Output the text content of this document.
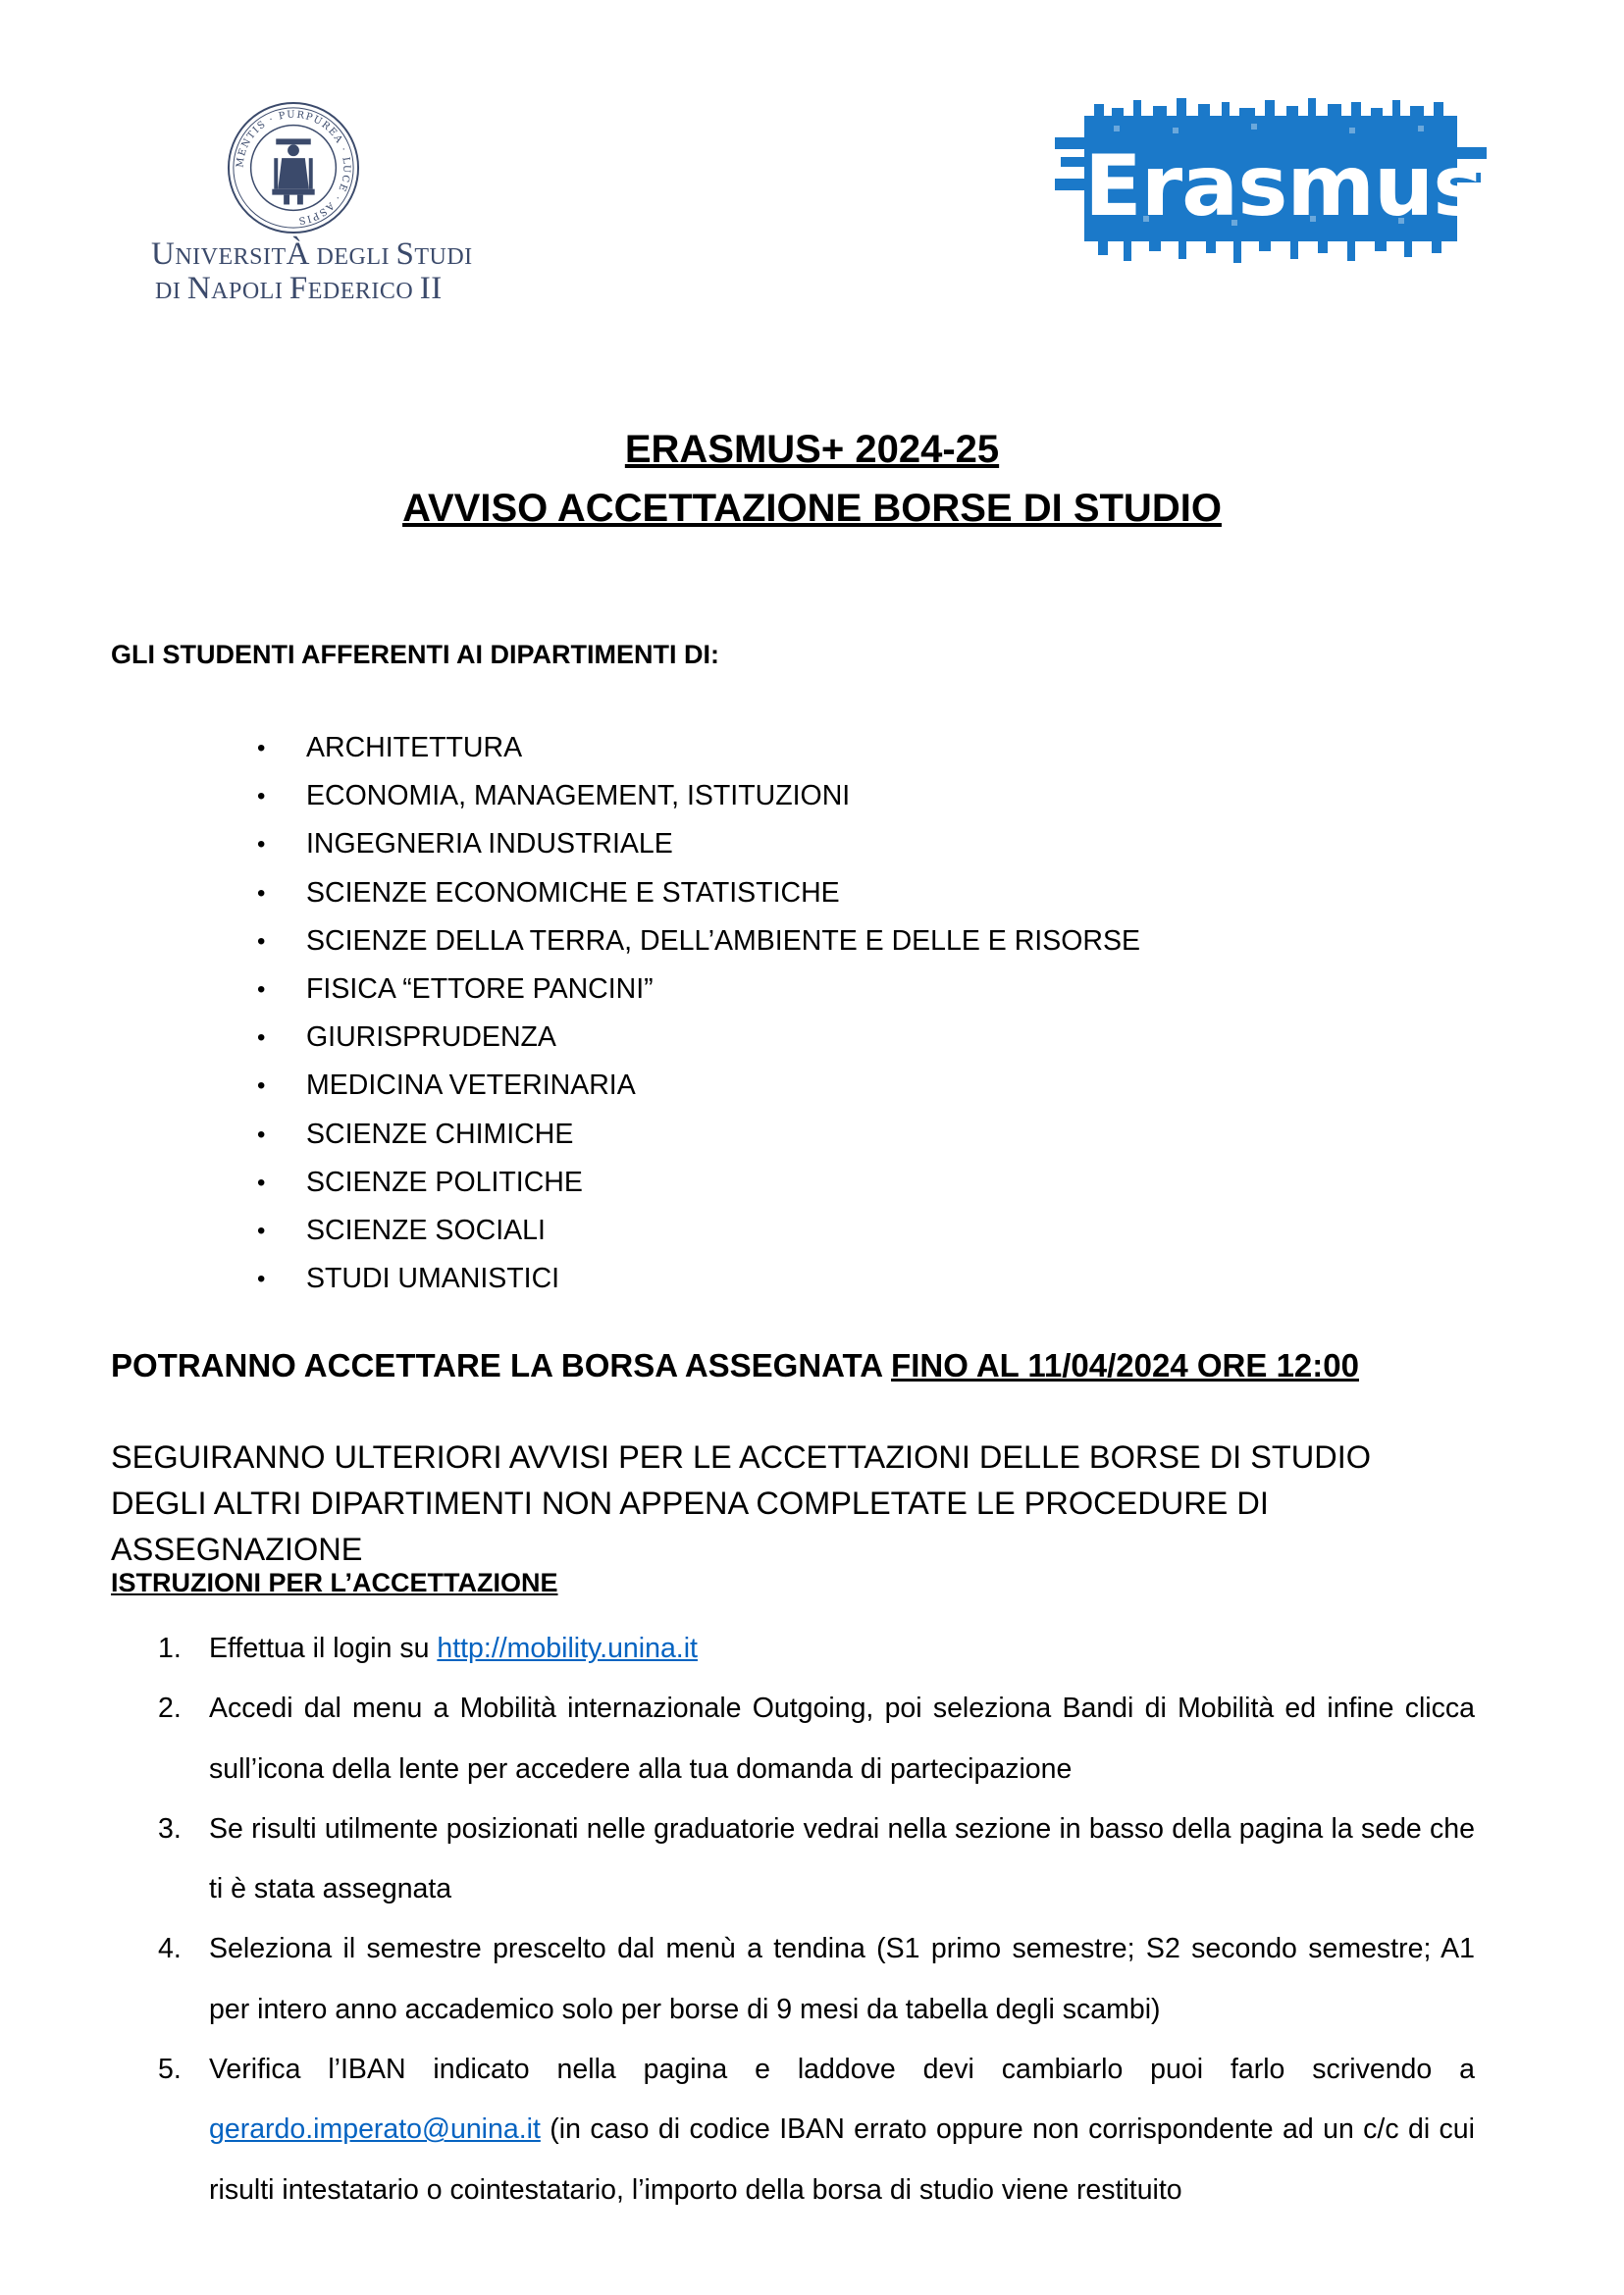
MENTIS · PURPUREA · LUCE · ASPIS
UNIVERSITÀ DEGLI STUDI
DI NAPOLI FEDERICO II
Erasmus+
ERASMUS+ 2024-25
AVVISO ACCETTAZIONE BORSE DI STUDIO
GLI STUDENTI AFFERENTI AI DIPARTIMENTI DI:
• ARCHITETTURA
• ECONOMIA, MANAGEMENT, ISTITUZIONI
• INGEGNERIA INDUSTRIALE
• SCIENZE ECONOMICHE E STATISTICHE
• SCIENZE DELLA TERRA, DELL’AMBIENTE E DELLE E RISORSE
• FISICA “ETTORE PANCINI”
• GIURISPRUDENZA
• MEDICINA VETERINARIA
• SCIENZE CHIMICHE
• SCIENZE POLITICHE
• SCIENZE SOCIALI
• STUDI UMANISTICI
POTRANNO ACCETTARE LA BORSA ASSEGNATA FINO AL 11/04/2024 ORE 12:00
SEGUIRANNO ULTERIORI AVVISI PER LE ACCETTAZIONI DELLE BORSE DI STUDIO DEGLI ALTRI DIPARTIMENTI NON APPENA COMPLETATE LE PROCEDURE DI ASSEGNAZIONE
ISTRUZIONI PER L’ACCETTAZIONE
1. Effettua il login su http://mobility.unina.it
2. Accedi dal menu a Mobilità internazionale Outgoing, poi seleziona Bandi di Mobilità ed infine clicca sull’icona della lente per accedere alla tua domanda di partecipazione
3. Se risulti utilmente posizionati nelle graduatorie vedrai nella sezione in basso della pagina la sede che ti è stata assegnata
4. Seleziona il semestre prescelto dal menù a tendina (S1 primo semestre; S2 secondo semestre; A1 per intero anno accademico solo per borse di 9 mesi da tabella degli scambi)
5. Verifica l’IBAN indicato nella pagina e laddove devi cambiarlo puoi farlo scrivendo a gerardo.imperato@unina.it (in caso di codice IBAN errato oppure non corrispondente ad un c/c di cui risulti intestatario o cointestatario, l’importo della borsa di studio viene restituito
